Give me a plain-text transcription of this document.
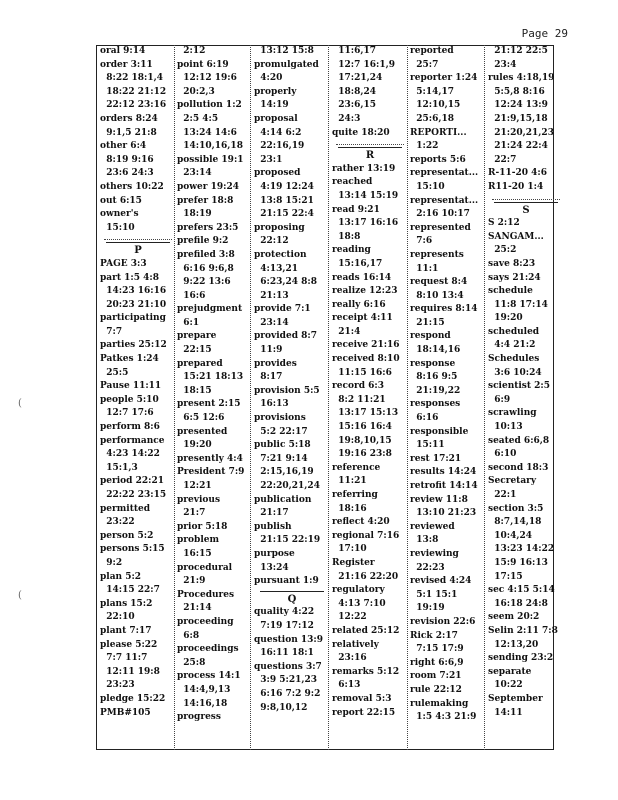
Page 29
oral 9:14
order 3:11
8:22 18:1,4
18:22 21:12
22:12 23:16
orders 8:24
9:1,5 21:8
other 6:4
8:19 9:16
23:6 24:3
others 10:22
out 6:15
owner's
15:10
P
PAGE 3:3
part 1:5 4:8
14:23 16:16
20:23 21:10
participating
7:7
parties 25:12
Patkes 1:24
25:5
Pause 11:11
people 5:10
12:7 17:6
perform 8:6
performance
4:23 14:22
15:1,3
period 22:21
22:22 23:15
permitted
23:22
person 5:2
persons 5:15
9:2
plan 5:2
14:15 22:7
plans 15:2
22:10
plant 7:17
please 5:22
7:7 11:7
12:11 19:8
23:23
pledge 15:22
PMB#105
2:12
point 6:19
12:12 19:6
20:2,3
pollution 1:2
2:5 4:5
13:24 14:6
14:10,16,18
possible 19:1
23:14
power 19:24
prefer 18:8
18:19
prefers 23:5
prefile 9:2
prefiled 3:8
6:16 9:6,8
9:22 13:6
16:6
prejudgment
6:1
prepare
22:15
prepared
15:21 18:13
18:15
present 2:15
6:5 12:6
presented
19:20
presently 4:4
President 7:9
12:21
previous
21:7
prior 5:18
problem
16:15
procedural
21:9
Procedures
21:14
proceeding
6:8
proceedings
25:8
process 14:1
14:4,9,13
14:16,18
progress
13:12 15:8
promulgated
4:20
properly
14:19
proposal
4:14 6:2
22:16,19
23:1
proposed
4:19 12:24
13:8 15:21
21:15 22:4
proposing
22:12
protection
4:13,21
6:23,24 8:8
21:13
provide 7:1
23:14
provided 8:7
11:9
provides
8:17
provision 5:5
16:13
provisions
5:2 22:17
public 5:18
7:21 9:14
2:15,16,19
22:20,21,24
publication
21:17
publish
21:15 22:19
purpose
13:24
pursuant 1:9
Q
quality 4:22
7:19 17:12
question 13:9
16:11 18:1
questions 3:7
3:9 5:21,23
6:16 7:2 9:2
9:8,10,12
11:6,17
12:7 16:1,9
17:21,24
18:8,24
23:6,15
24:3
quite 18:20
R
rather 13:19
reached
13:14 15:19
read 9:21
13:17 16:16
18:8
reading
15:16,17
reads 16:14
realize 12:23
really 6:16
receipt 4:11
21:4
receive 21:16
received 8:10
11:15 16:6
record 6:3
8:2 11:21
13:17 15:13
15:16 16:4
19:8,10,15
19:16 23:8
reference
11:21
referring
18:16
reflect 4:20
regional 7:16
17:10
Register
21:16 22:20
regulatory
4:13 7:10
12:22
related 25:12
relatively
23:16
remarks 5:12
6:13
removal 5:3
report 22:15
reported
25:7
reporter 1:24
5:14,17
12:10,15
25:6,18
REPORTI...
1:22
reports 5:6
representat...
15:10
representat...
2:16 10:17
represented
7:6
represents
11:1
request 8:4
8:10 13:4
requires 8:14
21:15
respond
18:14,16
response
8:16 9:5
21:19,22
responses
6:16
responsible
15:11
rest 17:21
results 14:24
retrofit 14:14
review 11:8
13:10 21:23
reviewed
13:8
reviewing
22:23
revised 4:24
5:1 15:1
19:19
revision 22:6
Rick 2:17
7:15 17:9
right 6:6,9
room 7:21
rule 22:12
rulemaking
1:5 4:3 21:9
21:12 22:5
23:4
rules 4:18,19
5:5,8 8:16
12:24 13:9
21:9,15,18
21:20,21,23
21:24 22:4
22:7
R-11-20 4:6
R11-20 1:4
S
S 2:12
SANGAM...
25:2
save 8:23
says 21:24
schedule
11:8 17:14
19:20
scheduled
4:4 21:2
Schedules
3:6 10:24
scientist 2:5
6:9
scrawling
10:13
seated 6:6,8
6:10
second 18:3
Secretary
22:1
section 3:5
8:7,14,18
10:4,24
13:23 14:22
15:9 16:13
17:15
sec 4:15 5:14
16:18 24:8
seem 20:2
Selin 2:11 7:8
12:13,20
sending 23:2
separate
10:22
September
14:11
(
(
